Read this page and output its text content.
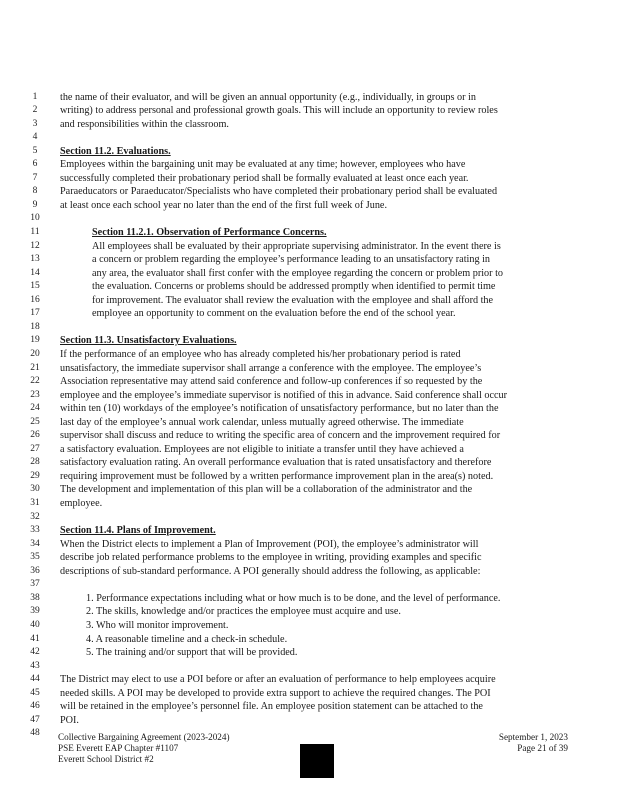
1	the name of their evaluator, and will be given an annual opportunity (e.g., individually, in groups or in
2	writing) to address personal and professional growth goals. This will include an opportunity to review roles
3	and responsibilities within the classroom.
4
5	Section 11.2. Evaluations.
6	Employees within the bargaining unit may be evaluated at any time; however, employees who have
7	successfully completed their probationary period shall be formally evaluated at least once each year.
8	Paraeducators or Paraeducator/Specialists who have completed their probationary period shall be evaluated
9	at least once each school year no later than the end of the first full week of June.
10
11	Section 11.2.1. Observation of Performance Concerns.
12	All employees shall be evaluated by their appropriate supervising administrator. In the event there is
13	a concern or problem regarding the employee’s performance leading to an unsatisfactory rating in
14	any area, the evaluator shall first confer with the employee regarding the concern or problem prior to
15	the evaluation. Concerns or problems should be addressed promptly when identified to permit time
16	for improvement. The evaluator shall review the evaluation with the employee and shall afford the
17	employee an opportunity to comment on the evaluation before the end of the school year.
18
19	Section 11.3. Unsatisfactory Evaluations.
20	If the performance of an employee who has already completed his/her probationary period is rated
21	unsatisfactory, the immediate supervisor shall arrange a conference with the employee. The employee’s
22	Association representative may attend said conference and follow-up conferences if so requested by the
23	employee and the employee’s immediate supervisor is notified of this in advance. Said conference shall occur
24	within ten (10) workdays of the employee’s notification of unsatisfactory performance, but no later than the
25	last day of the employee’s annual work calendar, unless mutually agreed otherwise. The immediate
26	supervisor shall discuss and reduce to writing the specific area of concern and the improvement required for
27	a satisfactory evaluation. Employees are not eligible to initiate a transfer until they have achieved a
28	satisfactory evaluation rating. An overall performance evaluation that is rated unsatisfactory and therefore
29	requiring improvement must be followed by a written performance improvement plan in the area(s) noted.
30	The development and implementation of this plan will be a collaboration of the administrator and the
31	employee.
32
33	Section 11.4. Plans of Improvement.
34	When the District elects to implement a Plan of Improvement (POI), the employee’s administrator will
35	describe job related performance problems to the employee in writing, providing examples and specific
36	descriptions of sub-standard performance. A POI generally should address the following, as applicable:
37
38	1. Performance expectations including what or how much is to be done, and the level of performance.
39	2. The skills, knowledge and/or practices the employee must acquire and use.
40	3. Who will monitor improvement.
41	4. A reasonable timeline and a check-in schedule.
42	5. The training and/or support that will be provided.
43
44	The District may elect to use a POI before or after an evaluation of performance to help employees acquire
45	needed skills. A POI may be developed to provide extra support to achieve the required changes. The POI
46	will be retained in the employee’s personnel file. An employee position statement can be attached to the
47	POI.
48	Collective Bargaining Agreement (2023-2024)
PSE Everett EAP Chapter #1107
Everett School District #2
September 1, 2023
Page 21 of 39
